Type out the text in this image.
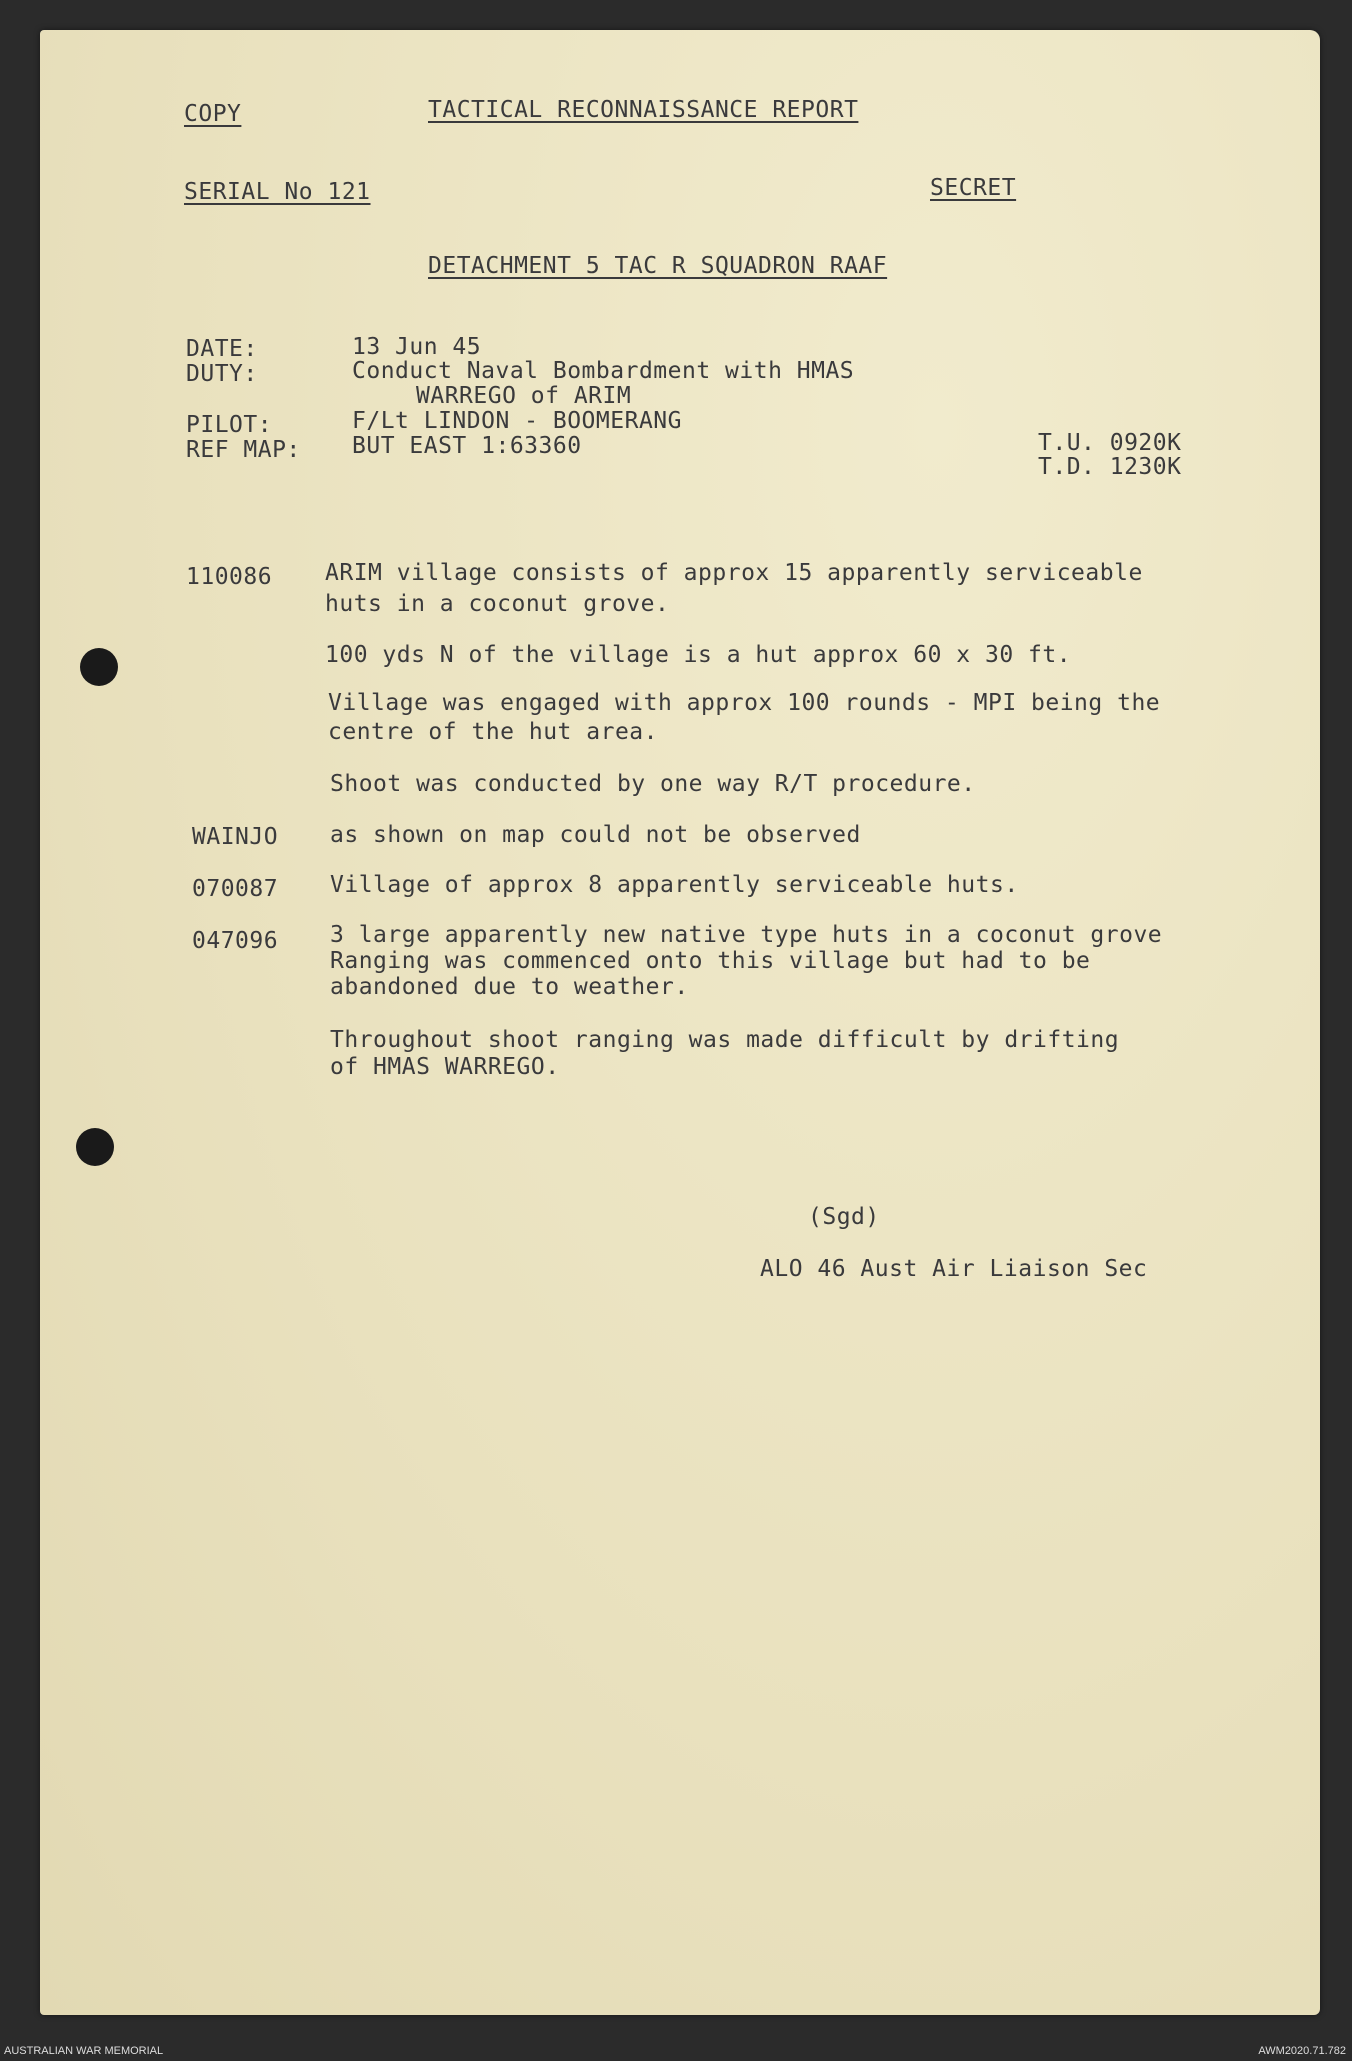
COPY	TACTICAL RECONNAISSANCE REPORT
SERIAL No 121	SECRET
DETACHMENT 5 TAC R SQUADRON RAAF
DATE:	13 Jun 45
DUTY:	Conduct Naval Bombardment with HMAS
WARREGO of ARIM
PILOT:	F/Lt LINDON - BOOMERANG
REF MAP: BUT EAST 1:63360	T.U. 0920K
T.D. 1230K
110086 ARIM village consists of approx 15 apparently serviceable
huts in a coconut grove.
100 yds N of the village is a hut approx 60 x 30 ft.
Village was engaged with approx 100 rounds - MPI being the
centre of the hut area.
Shoot was conducted by one way R/T procedure.
WAINJO as shown on map could not be observed
070087 Village of approx 8 apparently serviceable huts.
047096 3 large apparently new native type huts in a coconut grove
Ranging was commenced onto this village but had to be
abandoned due to weather.
Throughout shoot ranging was made difficult by drifting
of HMAS WARREGO.
(Sgd)
ALO 46 Aust Air Liaison Sec
AUSTRALIAN WAR MEMORIAL	AWM2020.71.782
